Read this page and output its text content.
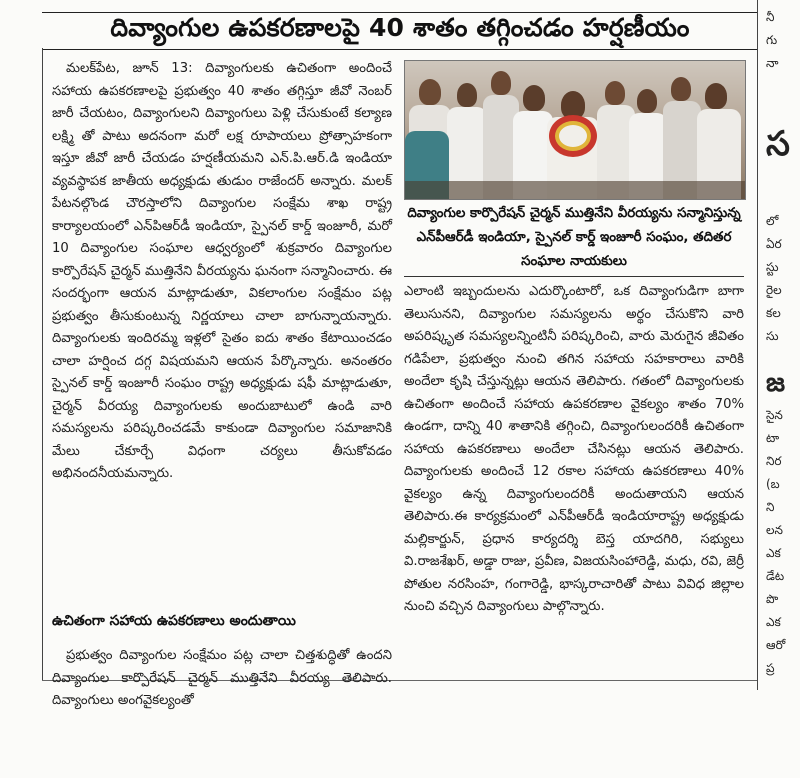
దివ్యాంగుల ఉపకరణాలపై 40 శాతం తగ్గించడం హర్షణీయం

మలక్‌పేట, జూన్ 13: దివ్యాంగులకు ఉచితంగా అందించే సహాయ ఉపకరణాలపై ప్రభుత్వం 40 శాతం తగ్గిస్తూ జీవో నెంబర్ జారీ చేయటం, దివ్యాంగులని దివ్యాంగులు పెళ్లి చేసుకుంటే కల్యాణ లక్ష్మి తో పాటు అదనంగా మరో లక్ష రూపాయలు ప్రోత్సాహకంగా ఇస్తూ జీవో జారీ చేయడం హర్షణీయమని ఎన్.పి.ఆర్.డి ఇండియా వ్యవస్థాపక జాతీయ అధ్యక్షుడు తుడుం రాజేందర్ అన్నారు. మలక్ పేటనల్గొండ చౌరస్తాలోని దివ్యాంగుల సంక్షేమ శాఖ రాష్ట్ర కార్యాలయంలో ఎన్‌పిఆర్‌డీ ఇండియా, స్పైనల్ కార్డ్ ఇంజూరీ, మరో 10 దివ్యాంగుల సంఘాల ఆధ్వర్యంలో శుక్రవారం దివ్యాంగుల కార్పొరేషన్ చైర్మన్ ముత్తినేని వీరయ్యను ఘనంగా సన్మానించారు. ఈ సందర్భంగా ఆయన మాట్లాడుతూ, వికలాంగుల సంక్షేమం పట్ల ప్రభుత్వం తీసుకుంటున్న నిర్ణయాలు చాలా బాగున్నాయన్నారు. దివ్యాంగులకు ఇందిరమ్మ ఇళ్లలో సైతం ఐదు శాతం కేటాయించడం చాలా హర్షించ దగ్గ విషయమని ఆయన పేర్కొన్నారు. అనంతరం స్పైనల్ కార్డ్ ఇంజూరీ సంఘం రాష్ట్ర అధ్యక్షుడు షఫీ మాట్లాడుతూ, చైర్మన్ వీరయ్య దివ్యాంగులకు అందుబాటులో ఉండి వారి సమస్యలను పరిష్కరించడమే కాకుండా దివ్యాంగుల సమాజానికి మేలు చేకూర్చే విధంగా చర్యలు తీసుకోవడం అభినందనీయమన్నారు.

ఉచితంగా సహాయ ఉపకరణాలు అందుతాయి

ప్రభుత్వం దివ్యాంగుల సంక్షేమం పట్ల చాలా చిత్తశుద్ధితో ఉందని దివ్యాంగుల కార్పొరేషన్ చైర్మన్ ముత్తినేని వీరయ్య తెలిపారు. దివ్యాంగులు అంగవైకల్యంతో

దివ్యాంగుల కార్పొరేషన్ చైర్మన్ ముత్తినేని వీరయ్యను సన్మానిస్తున్న ఎన్‌పీఆర్‌డీ ఇండియా, స్పైనల్ కార్డ్ ఇంజూరీ సంఘం, తదితర సంఘాల నాయకులు

ఎలాంటి ఇబ్బందులను ఎదుర్కొంటారో, ఒక దివ్యాంగుడిగా బాగా తెలుసునని, దివ్యాంగుల సమస్యలను అర్థం చేసుకొని వారి అపరిష్కృత సమస్యలన్నింటినీ పరిష్కరించి, వారు మెరుగైన జీవితం గడిపేలా, ప్రభుత్వం నుంచి తగిన సహాయ సహకారాలు వారికి అందేలా కృషి చేస్తున్నట్లు ఆయన తెలిపారు. గతంలో దివ్యాంగులకు ఉచితంగా అందించే సహాయ ఉపకరణాల వైకల్యం శాతం 70% ఉండగా, దాన్ని 40 శాతానికి తగ్గించి, దివ్యాంగులందరికీ ఉచితంగా సహాయ ఉపకరణాలు అందేలా చేసినట్లు ఆయన తెలిపారు. దివ్యాంగులకు అందించే 12 రకాల సహాయ ఉపకరణాలు 40% వైకల్యం ఉన్న దివ్యాంగులందరికీ అందుతాయని ఆయన తెలిపారు.ఈ కార్యక్రమంలో ఎన్‌పీఆర్‌డీ ఇండియారాష్ట్ర అధ్యక్షుడు మల్లికార్జున్, ప్రధాన కార్యదర్శి బెస్త యాదగిరి, సభ్యులు వి.రాజశేఖర్, అడ్డా రాజు, ప్రవీణ, విజయసింహారెడ్డి, మధు, రవి, జెర్రీ పోతుల నరసింహ, గంగారెడ్డి, భాస్కరాచారితో పాటు వివిధ జిల్లాల నుంచి వచ్చిన దివ్యాంగులు పాల్గొన్నారు.

నీ
గు
నా
స
లో
ఏర
స్టు
రైల
కల
సు
జ
సైన
టా
నిర
(బ
ని
లన
ఎక
డేట
పొ
ఎక
ఆరో
ప్ర
